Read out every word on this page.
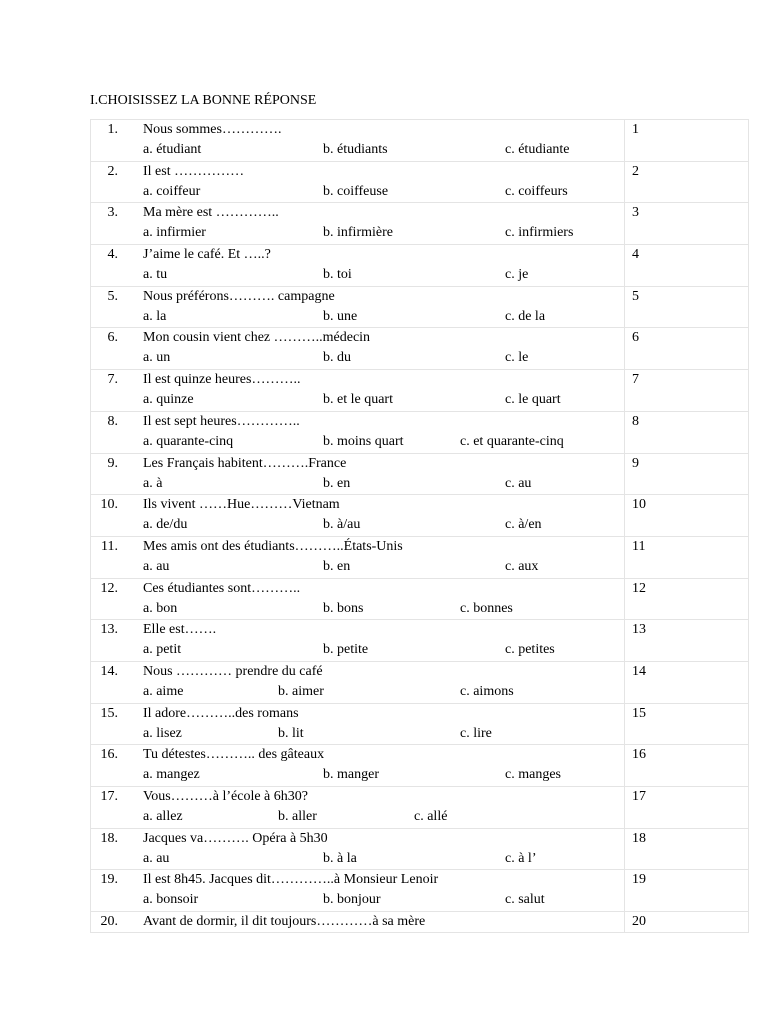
I.CHOISISSEZ LA BONNE RÉPONSE
1. Nous sommes………….
a. étudiant b. étudiants c. étudiante	1

2. Il est ……………
a. coiffeur b. coiffeuse c. coiffeurs	2

3. Ma mère est …………..
a. infirmier b. infirmière c. infirmiers	3

4. J’aime le café. Et …..?
a. tu b. toi c. je	4

5. Nous préférons………. campagne
a. la b. une c. de la	5

6. Mon cousin vient chez ………..médecin
a. un b. du c. le	6

7. Il est quinze heures………..
a. quinze b. et le quart c. le quart	7

8. Il est sept heures…………..
a. quarante-cinq b. moins quart c. et quarante-cinq	8

9. Les Français habitent……….France
a. à b. en c. au	9

10. Ils vivent ……Hue………Vietnam
a. de/du b. à/au c. à/en	10

11. Mes amis ont des étudiants………..États-Unis
a. au b. en c. aux	11

12. Ces étudiantes sont………..
a. bon b. bons c. bonnes	12

13. Elle est…….
a. petit b. petite c. petites	13

14. Nous ………… prendre du café
a. aime b. aimer c. aimons	14

15. Il adore………..des romans
a. lisez b. lit c. lire	15

16. Tu détestes……….. des gâteaux
a. mangez b. manger c. manges	16

17. Vous………à l’école à 6h30?
a. allez b. aller c. allé	17

18. Jacques va………. Opéra à 5h30
a. au b. à la c. à l’	18

19. Il est 8h45. Jacques dit…………..à Monsieur Lenoir
a. bonsoir b. bonjour c. salut	19

20. Avant de dormir, il dit toujours…………à sa mère	20
